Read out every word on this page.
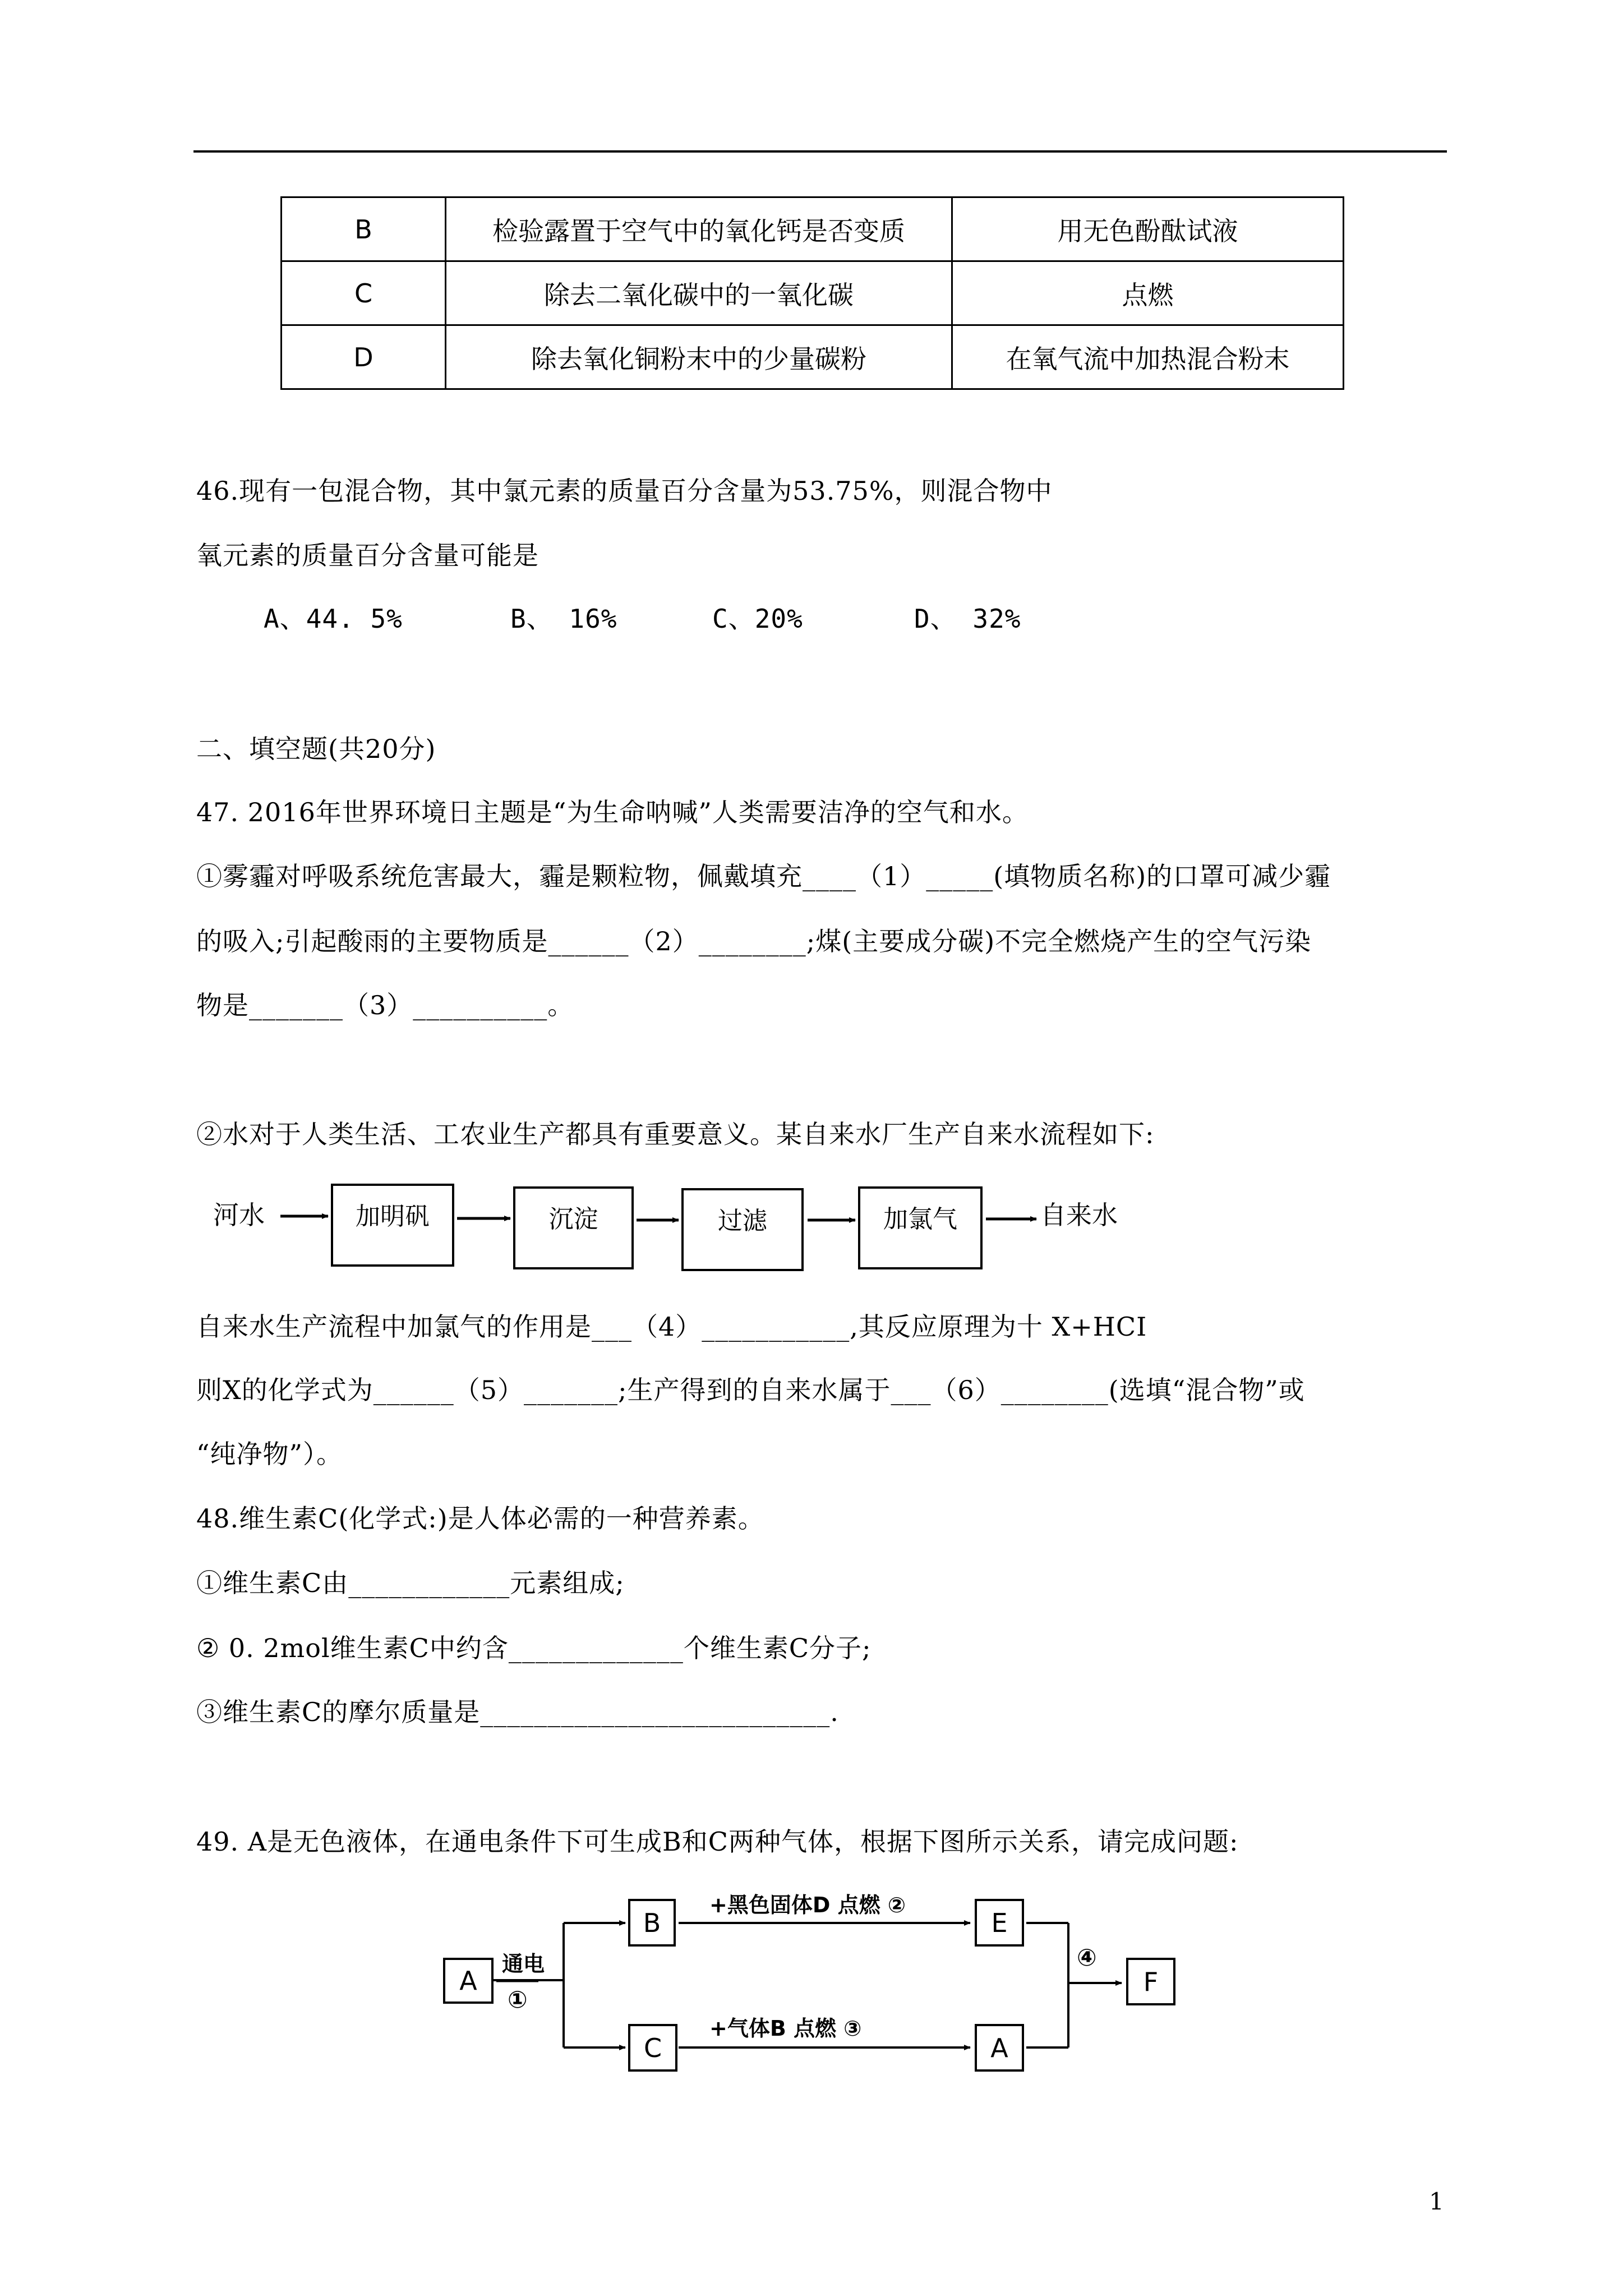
B	检验露置于空气中的氧化钙是否变质	用无色酚酞试液
C	除去二氧化碳中的一氧化碳	点燃
D	除去氧化铜粉末中的少量碳粉	在氧气流中加热混合粉末
46.现有一包混合物，其中氯元素的质量百分含量为53.75%，则混合物中
氧元素的质量百分含量可能是
A、44. 5%	B、 16%	C、20%	D、 32%
二、填空题(共20分)
47. 2016年世界环境日主题是“为生命呐喊”人类需要洁净的空气和水。
①雾霾对呼吸系统危害最大，霾是颗粒物，佩戴填充____（1）_____(填物质名称)的口罩可减少霾
的吸入;引起酸雨的主要物质是______（2）________;煤(主要成分碳)不完全燃烧产生的空气污染
物是_______（3）__________。
②水对于人类生活、工农业生产都具有重要意义。某自来水厂生产自来水流程如下:
河水	加明矾	沉淀	过滤	加氯气	自来水
自来水生产流程中加氯气的作用是___（4）___________,其反应原理为十 X+HCI
则X的化学式为______（5）_______;生产得到的自来水属于___（6）________(选填“混合物”或
“纯净物”）。
48.维生素C(化学式:)是人体必需的一种营养素。
①维生素C由____________元素组成;
② 0. 2mol维生素C中约含_____________个维生素C分子;
③维生素C的摩尔质量是__________________________.
49. A是无色液体，在通电条件下可生成B和C两种气体，根据下图所示关系，请完成问题:
A
通电
①
B
+黑色固体D 点燃 ②
E
C
+气体B 点燃 ③
A
④
F
1
